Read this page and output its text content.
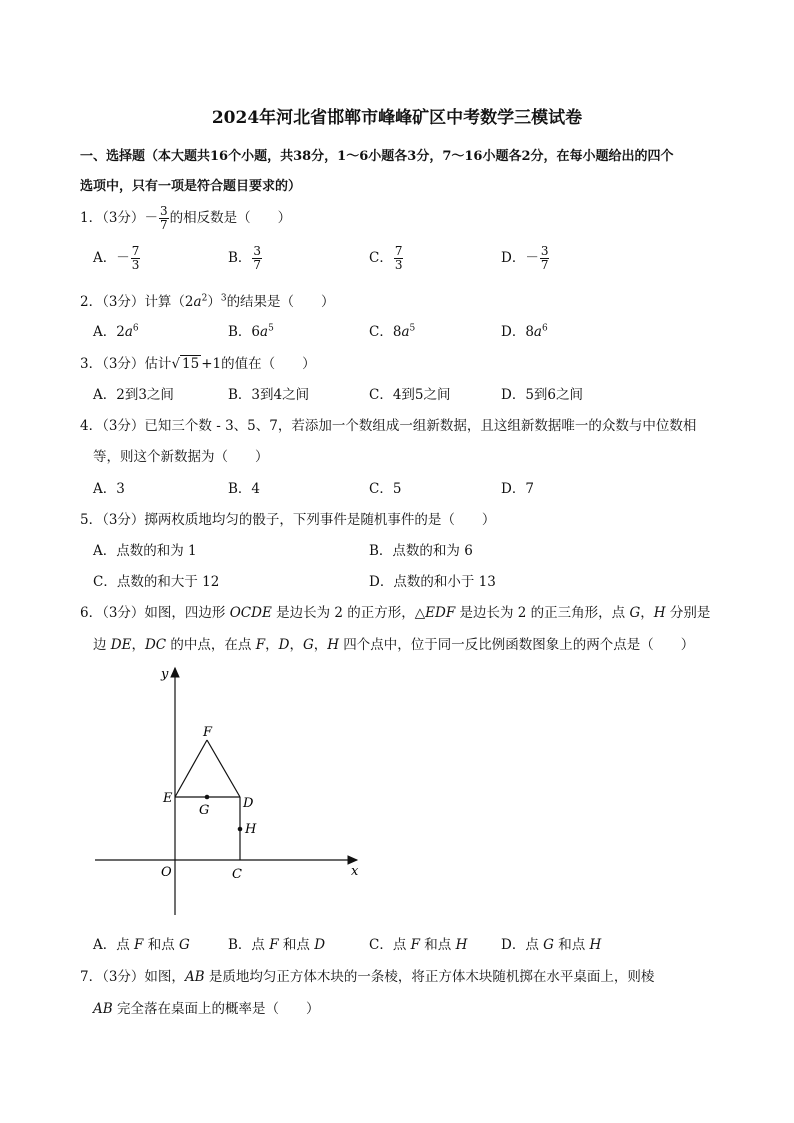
2024年河北省邯郸市峰峰矿区中考数学三模试卷
一、选择题（本大题共16个小题，共38分，1～6小题各3分，7～16小题各2分，在每小题给出的四个
选项中，只有一项是符合题目要求的）
1．（3分）－ $\frac{3}{7}$ 的相反数是（　　）
A．－ $\frac{7}{3}$	B． $\frac{3}{7}$	C． $\frac{7}{3}$	D．－ $\frac{3}{7}$
2．（3分）计算$(2a^2)^3$的结果是（　　）
A．$2a^6$	B．$6a^5$	C．$8a^5$	D．$8a^6$
3．（3分）估计√ 15 +1的值在（　　）
A．2到3之间	B．3到4之间	C．4到5之间	D．5到6之间
4．（3分）已知三个数 - 3、5、7，若添加一个数组成一组新数据，且这组新数据唯一的众数与中位数相
等，则这个新数据为（　　）
A．3	B．4	C．5	D．7
5．（3分）掷两枚质地均匀的骰子，下列事件是随机事件的是（　　）
A．点数的和为 1	B．点数的和为 6
C．点数的和大于 12	D．点数的和小于 13
6．（3分）如图，四边形 OCDE 是边长为 2 的正方形，△EDF 是边长为 2 的正三角形，点 G，H 分别是
边 DE，DC 的中点，在点 F，D，G，H 四个点中，位于同一反比例函数图象上的两个点是（　　）
y
x
O	C
D
E
F
G
H
A．点 F 和点 G	B．点 F 和点 D	C．点 F 和点 H D．点 G 和点 H
7．（3分）如图，AB 是质地均匀正方体木块的一条棱，将正方体木块随机掷在水平桌面上，则棱
AB 完全落在桌面上的概率是（　　）
